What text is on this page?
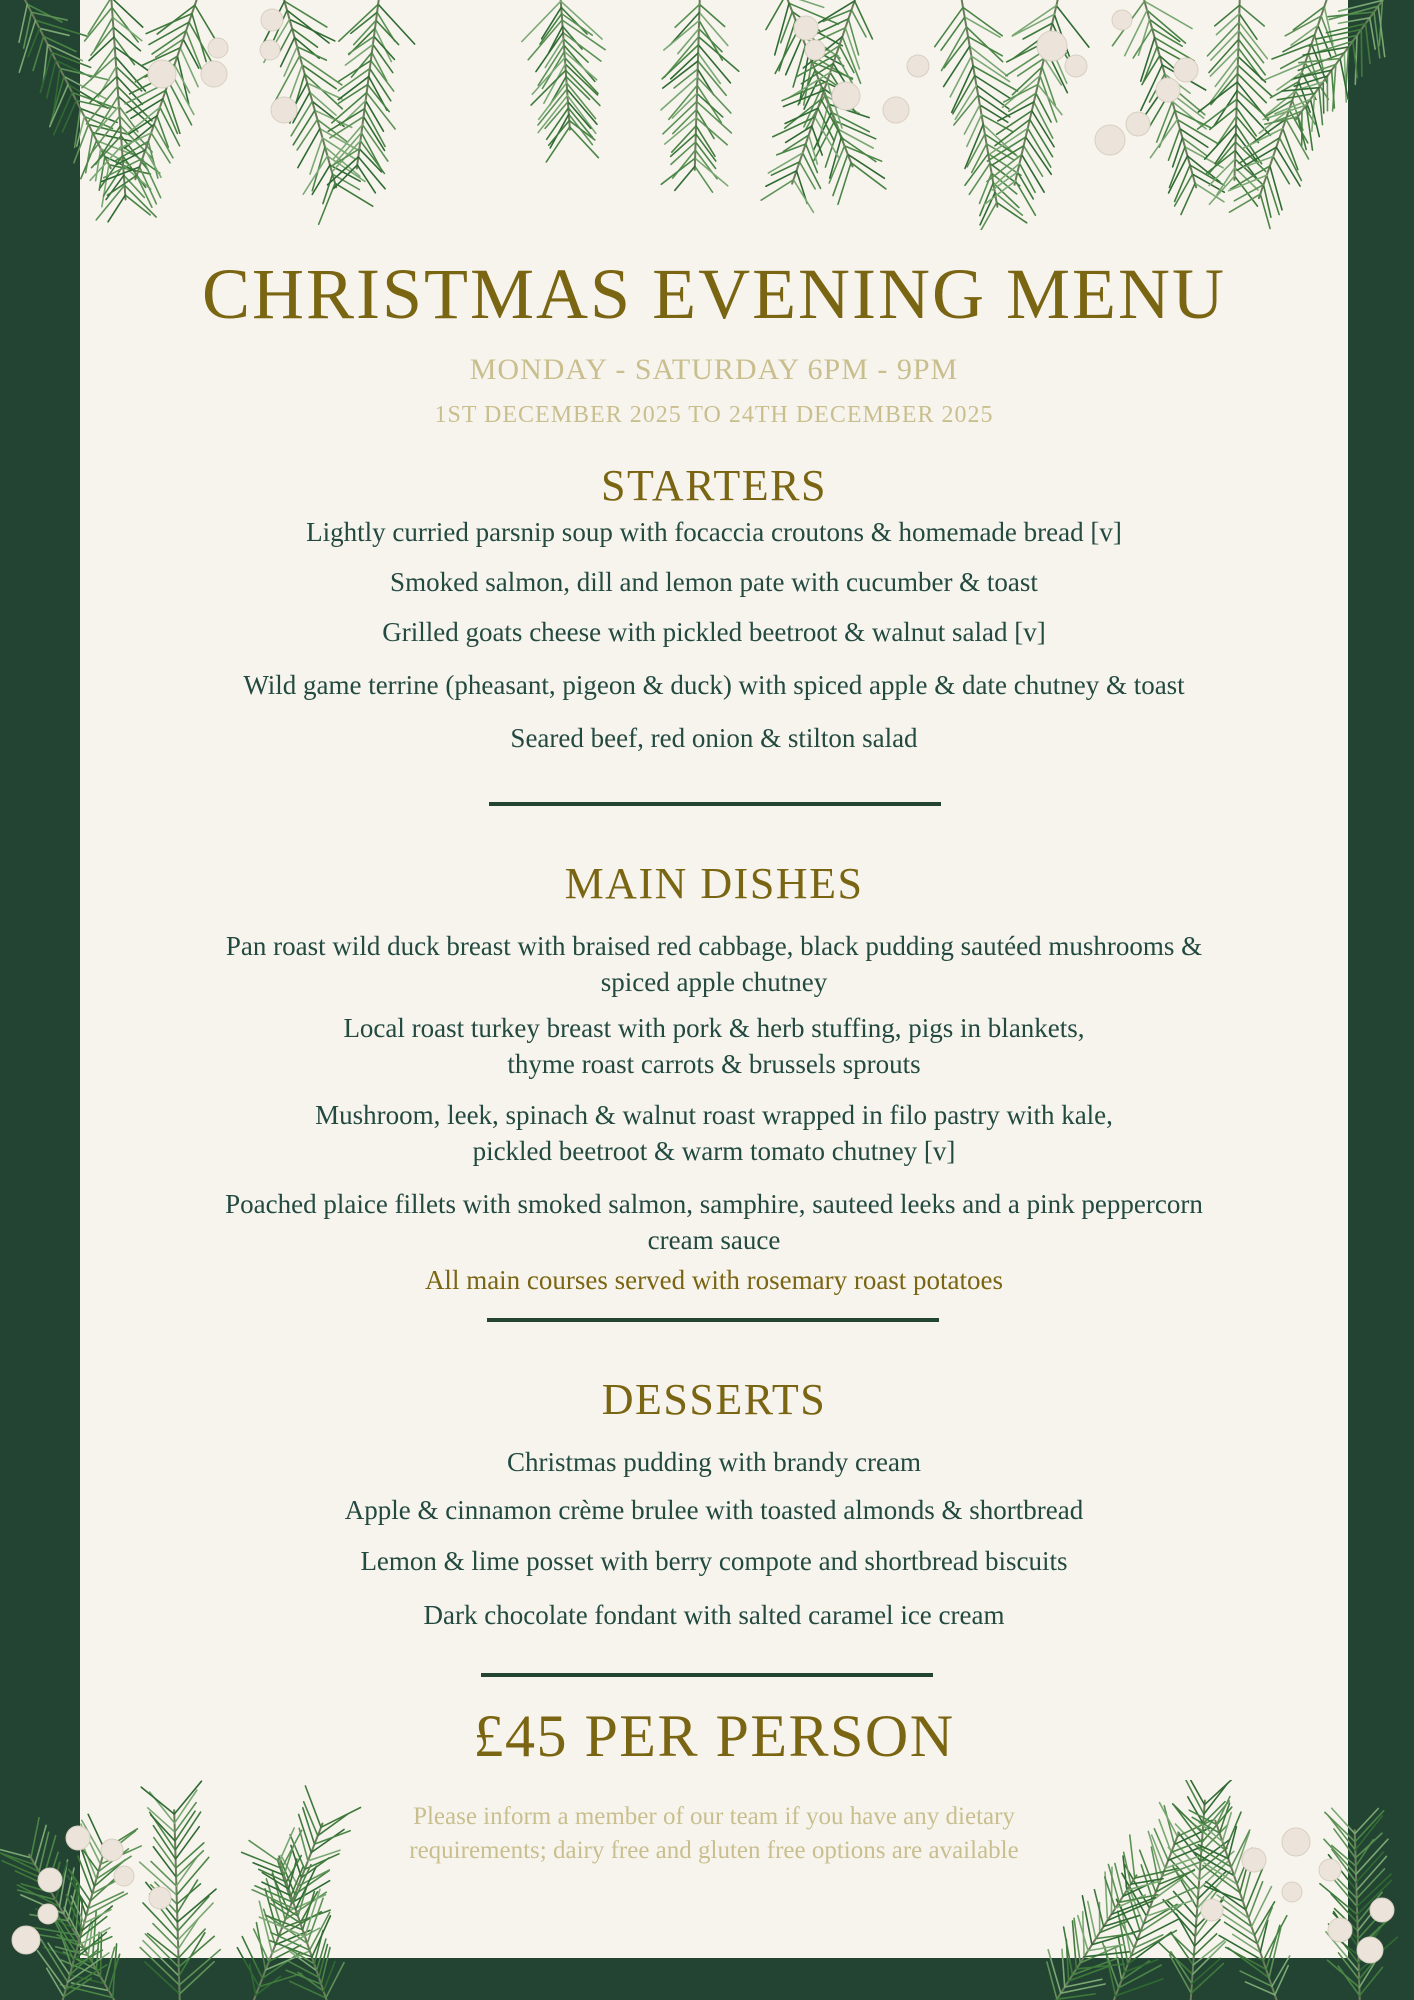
CHRISTMAS EVENING MENU
MONDAY - SATURDAY 6PM - 9PM
1ST DECEMBER 2025 TO 24TH DECEMBER 2025
STARTERS
Lightly curried parsnip soup with focaccia croutons & homemade bread [v]
Smoked salmon, dill and lemon pate with cucumber & toast
Grilled goats cheese with pickled beetroot & walnut salad [v]
Wild game terrine (pheasant, pigeon & duck) with spiced apple & date chutney & toast
Seared beef, red onion & stilton salad
MAIN DISHES
Pan roast wild duck breast with braised red cabbage, black pudding sautéed mushrooms &
spiced apple chutney
Local roast turkey breast with pork & herb stuffing, pigs in blankets,
thyme roast carrots & brussels sprouts
Mushroom, leek, spinach & walnut roast wrapped in filo pastry with kale,
pickled beetroot & warm tomato chutney [v]
Poached plaice fillets with smoked salmon, samphire, sauteed leeks and a pink peppercorn
cream sauce
All main courses served with rosemary roast potatoes
DESSERTS
Christmas pudding with brandy cream
Apple & cinnamon crème brulee with toasted almonds & shortbread
Lemon & lime posset with berry compote and shortbread biscuits
Dark chocolate fondant with salted caramel ice cream
£45 PER PERSON
Please inform a member of our team if you have any dietary
requirements; dairy free and gluten free options are available
